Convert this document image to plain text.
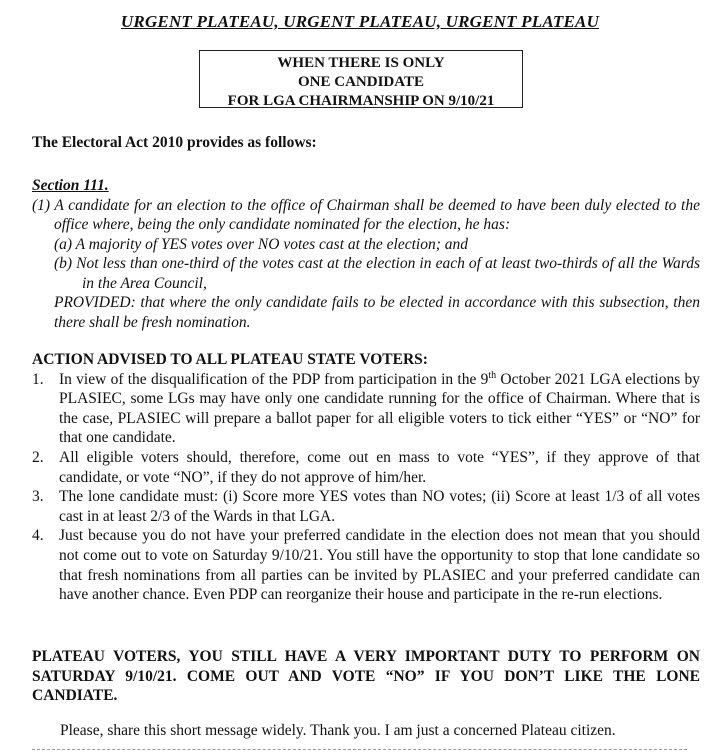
URGENT PLATEAU, URGENT PLATEAU, URGENT PLATEAU
WHEN THERE IS ONLY
ONE CANDIDATE
FOR LGA CHAIRMANSHIP ON 9/10/21
The Electoral Act 2010 provides as follows:
Section 111.

(1) A candidate for an election to the office of Chairman shall be deemed to have been duly elected to the office where, being the only candidate nominated for the election, he has:

(a) A majority of YES votes over NO votes cast at the election; and

(b) Not less than one-third of the votes cast at the election in each of at least two-thirds of all the Wards in the Area Council,

PROVIDED: that where the only candidate fails to be elected in accordance with this subsection, then there shall be fresh nomination.

ACTION ADVISED TO ALL PLATEAU STATE VOTERS:
1. In view of the disqualification of the PDP from participation in the 9th October 2021 LGA elections by PLASIEC, some LGs may have only one candidate running for the office of Chairman. Where that is the case, PLASIEC will prepare a ballot paper for all eligible voters to tick either “YES” or “NO” for that one candidate.
2. All eligible voters should, therefore, come out en mass to vote “YES”, if they approve of that candidate, or vote “NO”, if they do not approve of him/her.
3. The lone candidate must: (i) Score more YES votes than NO votes; (ii) Score at least 1/3 of all votes cast in at least 2/3 of the Wards in that LGA.
4. Just because you do not have your preferred candidate in the election does not mean that you should not come out to vote on Saturday 9/10/21. You still have the opportunity to stop that lone candidate so that fresh nominations from all parties can be invited by PLASIEC and your preferred candidate can have another chance. Even PDP can reorganize their house and participate in the re-run elections.
PLATEAU VOTERS, YOU STILL HAVE A VERY IMPORTANT DUTY TO PERFORM ON SATURDAY 9/10/21. COME OUT AND VOTE “NO” IF YOU DON’T LIKE THE LONE CANDIATE.
Please, share this short message widely. Thank you. I am just a concerned Plateau citizen.
